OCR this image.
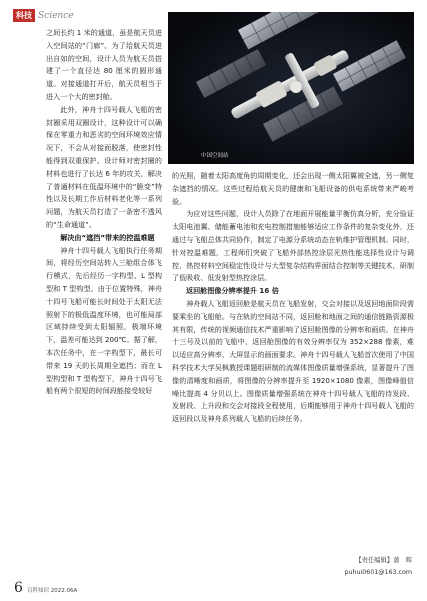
科技 Science
中国空间站

之间长约 1 米的通道，虽是航天员进入空间站的“门廊”。为了给航天员进出自如的空间，设计人员为航天员搭建了一个直径达 80 厘米的圆形通道。对接通道打开后，航天员相当于进入一个大的密封舱。

此外，神舟十四号载人飞船的密封圈采用双圈设计，这种设计可以确保在零重力和恶劣的空间环境效应情况下，不会从对接面脱落，使密封性能得到双重保护。设计师对密封圈的材料也进行了长达 6 年的攻关，解决了普通材料在低温环境中的“脆变”特性以及长期工作后材料老化等一系列问题，为航天员打造了一条密不透风的“生命通道”。

解决由“遮挡”带来的控温难题

神舟十四号载人飞船执行任务期间，将经历空间站转入三舱组合体飞行模式，先后经历一字构型、L 型构型和 T 型构型。由于位置特殊，神舟十四号飞船可能长时间处于太阳无法照射下的极低温度环境，也可能局部区域持续受到太阳辐照，极端环境下，温差可能达到 200℃。据了解，本次任务中，在一字构型下，最长可带来 19 天的长周期全遮挡；而在 L 型构型和 T 型构型下，神舟十四号飞船有两个很短的时间段能接受较好

的光照，随着太阳高度角的周期变化，还会出现一侧太阳翼被全遮，另一侧复杂遮挡的情况。这些过程给航天员的健康和飞船设备的供电系统带来严峻考验。

为应对这些问题，设计人员除了在地面开展能量平衡仿真分析，充分验证太阳电池翼、储能蓄电池和充电控制措施能够适应工作条件的复杂变化外，还通过与飞船总体共同协作，制定了电源分系统动态在轨维护管理机制。同时，针对控温难题，工程师们突破了飞船外部热控涂层光热性能选择性设计与调控、热控材料空间稳定性设计与大型复杂结构界面结合控制等关键技术，研制了低吸收、低发射型热控涂层。

返回舱图像分辨率提升 16 倍

神舟载人飞船返回舱是航天员在飞船发射，交会对接以及返回地面阶段需要乘坐的飞船舱。与在轨的空间站不同，返回舱和地面之间的通信链路资源极其有限，传统的视频通信技术严重影响了返回舱图像的分辨率和画质。在神舟十三号及以前的飞船中，返回舱图像的有效分辨率仅为 352×288 像素，难以适应高分辨率、大屏显示的画面要求。神舟十四号载人飞船首次使用了中国科学技术大学吴枫教授课题组研制的流媒体图像质量增强系统，显著提升了图像的清晰度和画质，将图像的分辨率提升至 1920×1080 像素，图像峰值信噪比提高 4 分贝以上。图像质量增强系统在神舟十四号载人飞船的待发段、发射段、上升段和交会对接段全程使用，后期能够用于神舟十四号载人飞船的返回段以及神舟系列载人飞船的后续任务。

【责任编辑】蒲　晖
puhui0601@163.com
6 百科知识 2022.06A
